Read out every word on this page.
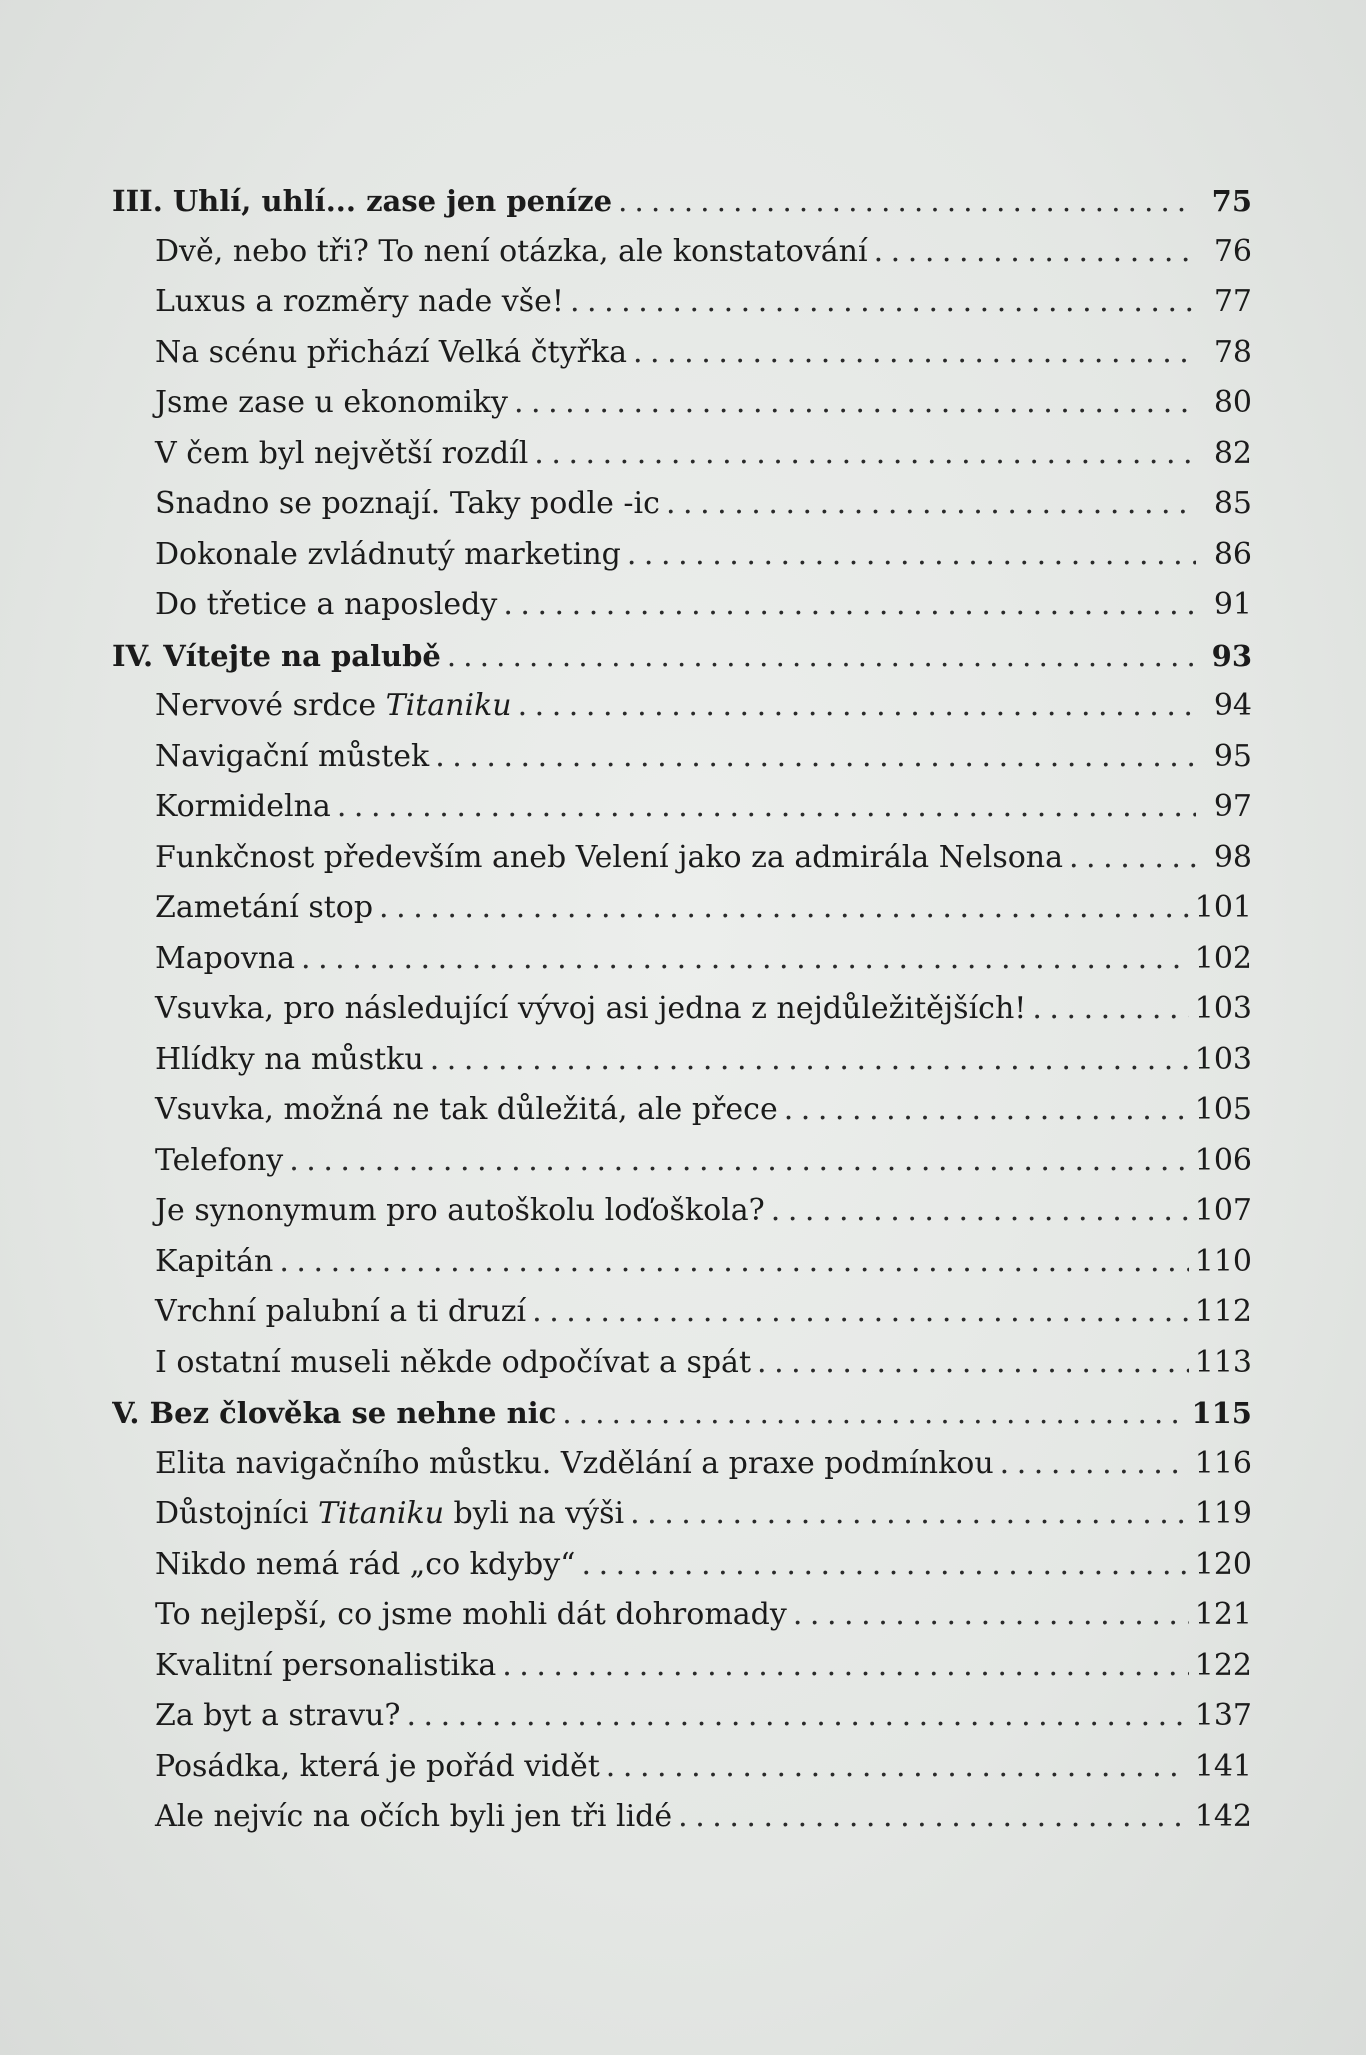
III. Uhlí, uhlí... zase jen peníze . . .	75
Dvě, nebo tři? To není otázka, ale konstatování . . .	76
Luxus a rozměry nade vše! . . .	77
Na scénu přichází Velká čtyřka . . .	78
Jsme zase u ekonomiky . . .	80
V čem byl největší rozdíl . . .	82
Snadno se poznají. Taky podle -ic . . .	85
Dokonale zvládnutý marketing . . .	86
Do třetice a naposledy . . .	91
IV. Vítejte na palubě . . .	93
Nervové srdce Titaniku . . .	94
Navigační můstek . . .	95
Kormidelna . . .	97
Funkčnost především aneb Velení jako za admirála Nelsona . . .	98
Zametání stop . . .	101
Mapovna . . .	102
Vsuvka, pro následující vývoj asi jedna z nejdůležitějších! . . .	103
Hlídky na můstku . . .	103
Vsuvka, možná ne tak důležitá, ale přece . . .	105
Telefony . . .	106
Je synonymum pro autoškolu loďoškola? . . .	107
Kapitán . . .	110
Vrchní palubní a ti druzí . . .	112
I ostatní museli někde odpočívat a spát . . .	113
V. Bez člověka se nehne nic . . .	115
Elita navigačního můstku. Vzdělání a praxe podmínkou . . .	116
Důstojníci Titaniku byli na výši . . .	119
Nikdo nemá rád „co kdyby“ . . .	120
To nejlepší, co jsme mohli dát dohromady . . .	121
Kvalitní personalistika . . .	122
Za byt a stravu? . . .	137
Posádka, která je pořád vidět . . .	141
Ale nejvíc na očích byli jen tři lidé . . .	142
